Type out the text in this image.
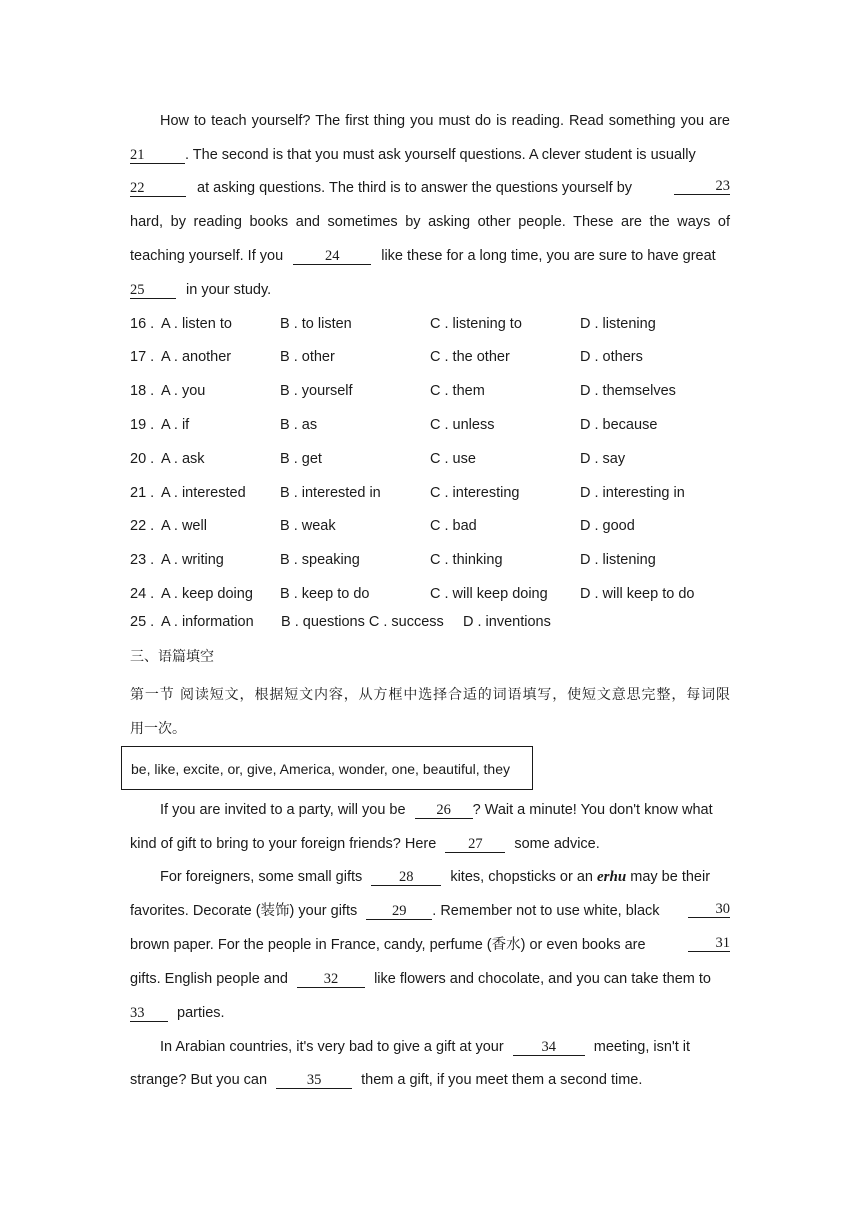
How to teach yourself? The first thing you must do is reading. Read something you are
21	. The second is that you must ask yourself questions. A clever student is usually
22	at asking questions. The third is to answer the questions yourself by	23
hard, by reading books and sometimes by asking other people. These are the ways of
teaching yourself. If you	24	like these for a long time, you are sure to have great
25	in your study.
16 . A . listen to	B . to listen	C . listening to	D . listening
17 . A . another	B . other	C . the other	D . others
18 . A . you	B . yourself	C . them	D . themselves
19 . A . if	B . as	C . unless	D . because
20 . A . ask	B . get	C . use	D . say
21 . A . interested B . interested in	C . interesting	D . interesting in
22 . A . well	B . weak	C . bad	D . good
23 . A . writing	B . speaking	C . thinking	D . listening
24 . A . keep doing B . keep to do	C . will keep doing D . will keep to do
25 . A . information B . questions C . success D . inventions
三、语篇填空
第一节 阅读短文，根据短文内容，从方框中选择合适的词语填写，使短文意思完整，每词限
用一次。
be, like, excite, or, give, America, wonder, one, beautiful, they
If you are invited to a party, will you be 26 ? Wait a minute! You don't know what
kind of gift to bring to your foreign friends? Here 27 some advice.
For foreigners, some small gifts	28	kites, chopsticks or an erhu may be their
favorites. Decorate (装饰) your gifts 29 . Remember not to use white, black	30
brown paper. For the people in France, candy, perfume (香水) or even books are	31
gifts. English people and 32 like flowers and chocolate, and you can take them to
33 parties.
In Arabian countries, it's very bad to give a gift at your	34	meeting, isn't it
strange? But you can	35	them a gift, if you meet them a second time.
